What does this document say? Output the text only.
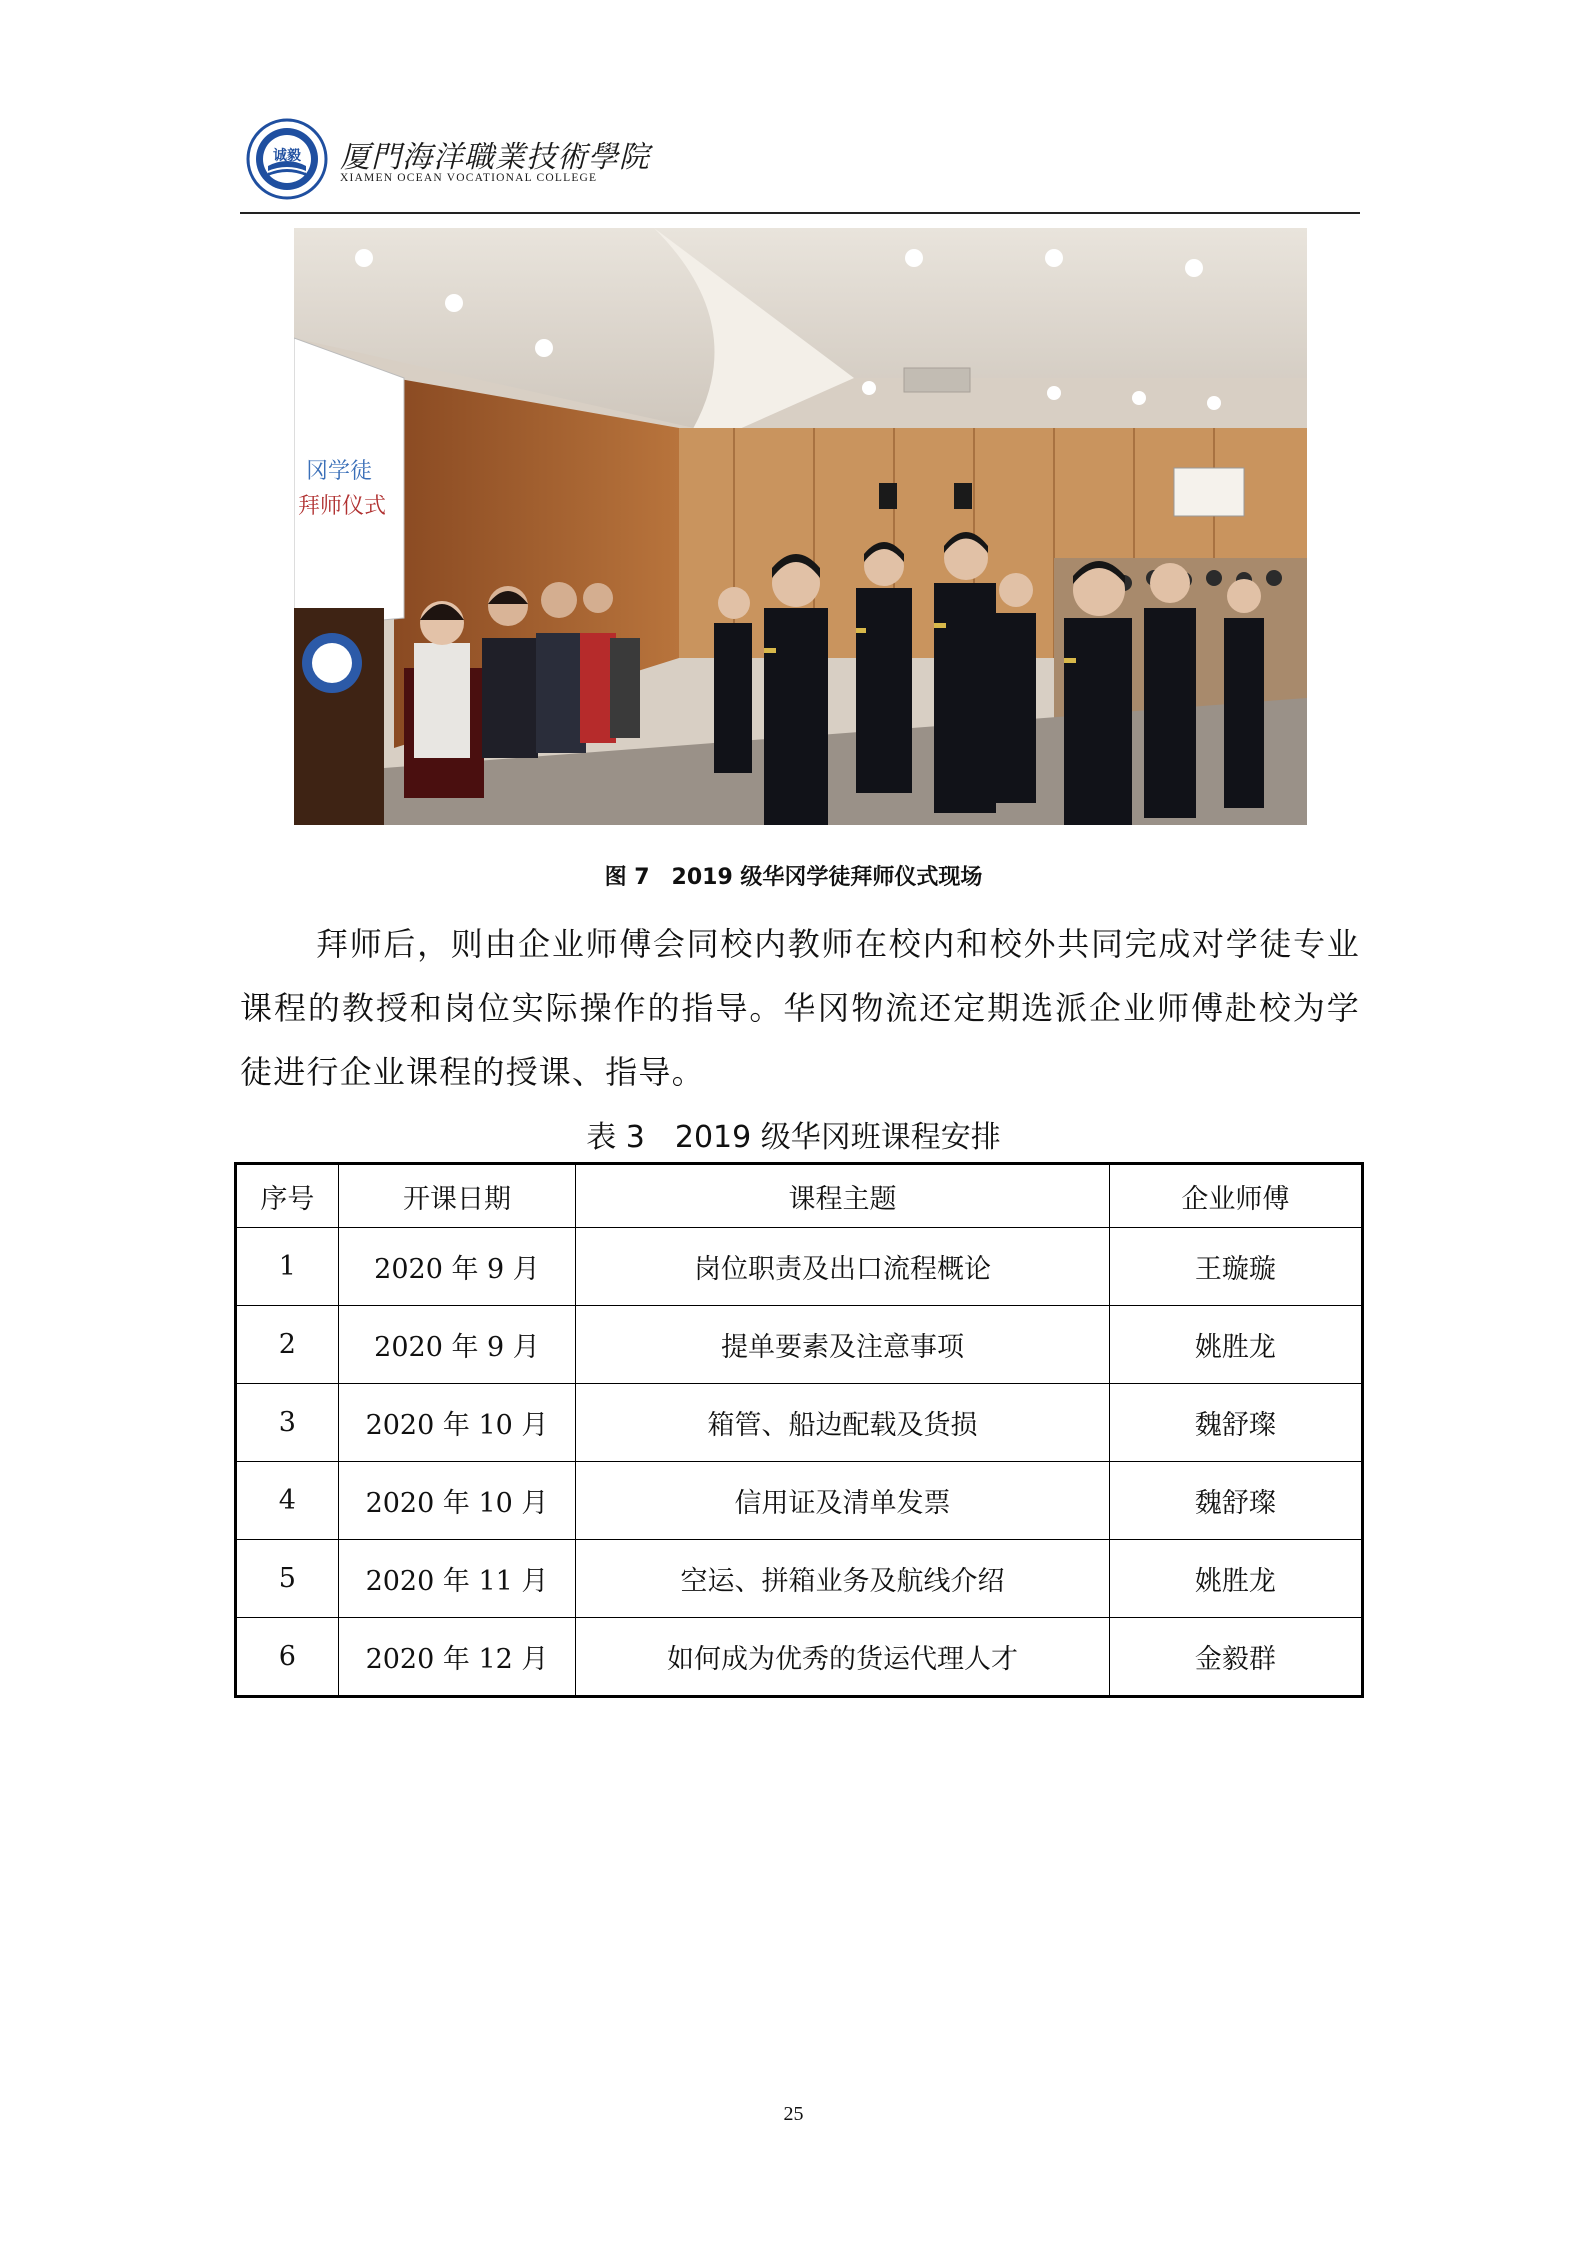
诚毅 厦門海洋職業技術學院
XIAMEN OCEAN VOCATIONAL COLLEGE
冈学徒
拜师仪式
图 7　2019 级华冈学徒拜师仪式现场
拜师后，则由企业师傅会同校内教师在校内和校外共同完成对学徒专业课程的教授和岗位实际操作的指导。华冈物流还定期选派企业师傅赴校为学徒进行企业课程的授课、指导。
表 3　2019 级华冈班课程安排
序号	开课日期	课程主题	企业师傅
1	2020 年 9 月	岗位职责及出口流程概论	王璇璇
2	2020 年 9 月	提单要素及注意事项	姚胜龙
3	2020 年 10 月	箱管、船边配载及货损	魏舒璨
4	2020 年 10 月	信用证及清单发票	魏舒璨
5	2020 年 11 月	空运、拼箱业务及航线介绍	姚胜龙
6	2020 年 12 月	如何成为优秀的货运代理人才	金毅群
25
